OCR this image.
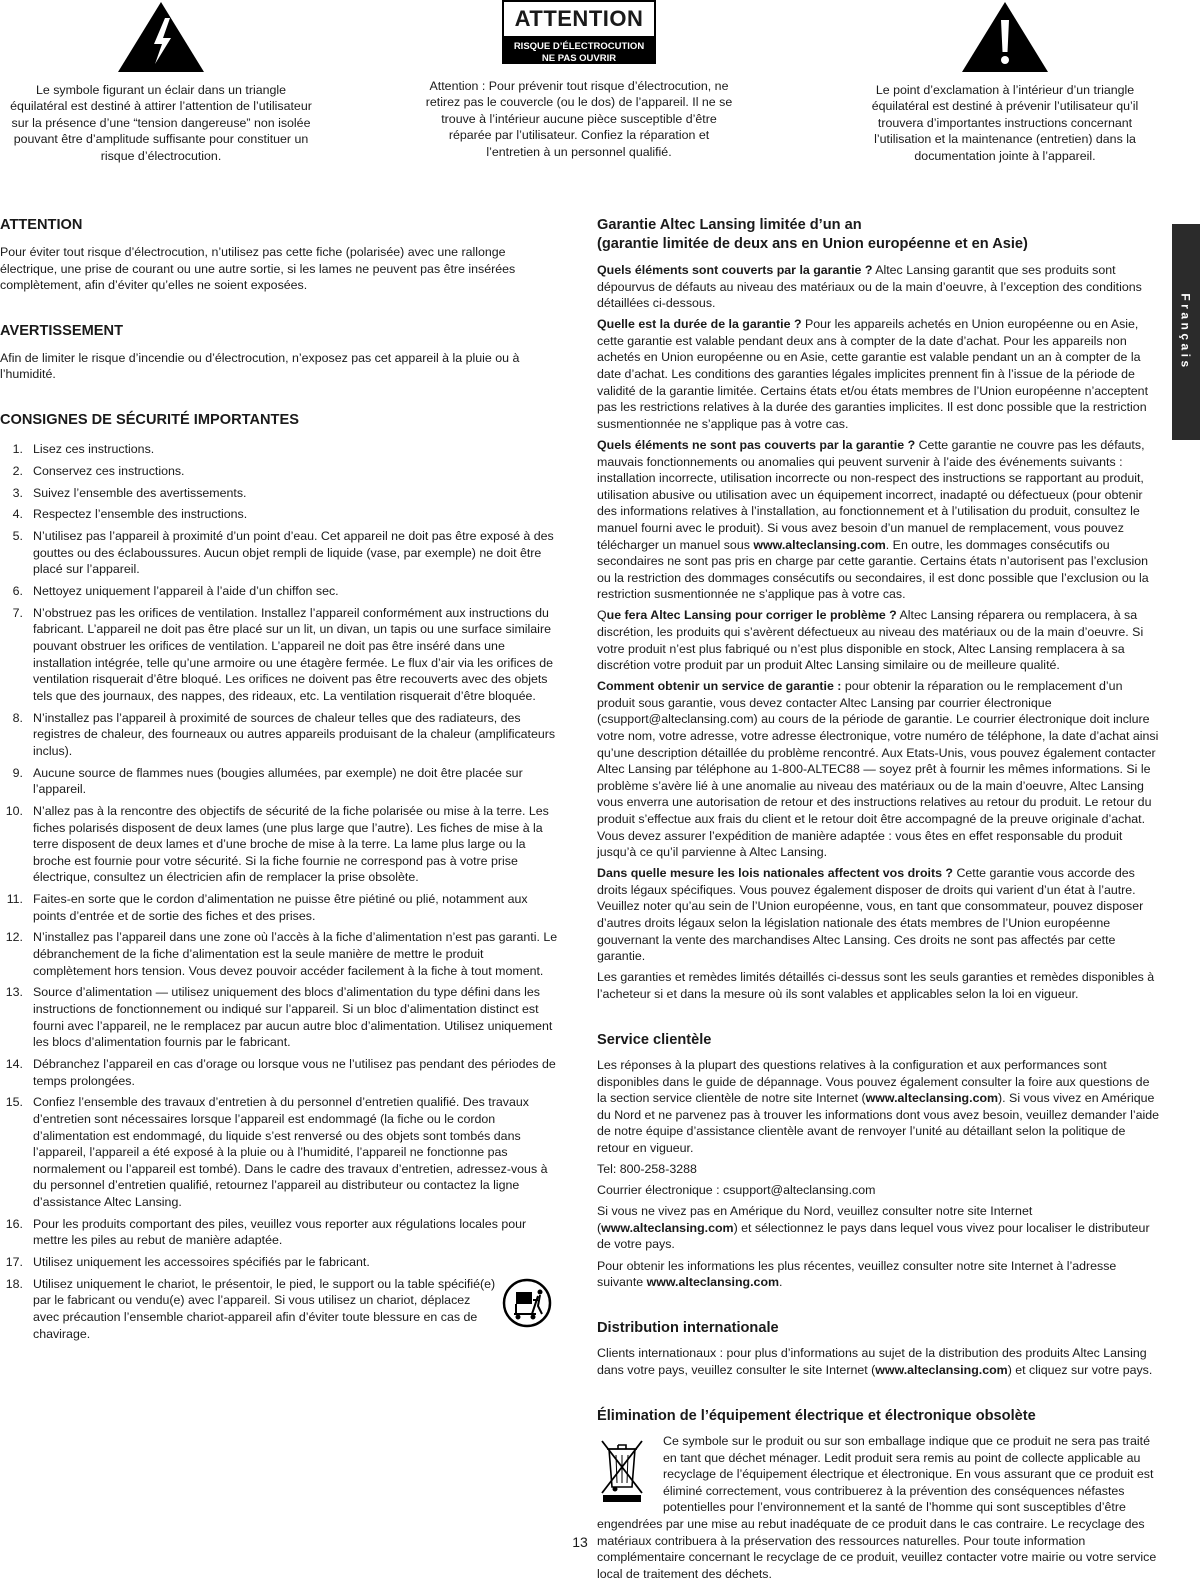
Le symbole figurant un éclair dans un triangle équilatéral est destiné à attirer l’attention de l’utilisateur sur la présence d’une “tension dangereuse” non isolée pouvant être d’amplitude suffisante pour constituer un risque d’électrocution.

ATTENTION
RISQUE D’ÉLECTROCUTION
NE PAS OUVRIR

Attention : Pour prévenir tout risque d’électrocution, ne retirez pas le couvercle (ou le dos) de l’appareil. Il ne se trouve à l’intérieur aucune pièce susceptible d’être réparée par l’utilisateur. Confiez la réparation et l’entretien à un personnel qualifié.

Le point d’exclamation à l’intérieur d’un triangle équilatéral est destiné à prévenir l’utilisateur qu’il trouvera d’importantes instructions concernant l’utilisation et la maintenance (entretien) dans la documentation jointe à l’appareil.

ATTENTION

Pour éviter tout risque d’électrocution, n’utilisez pas cette fiche (polarisée) avec une rallonge électrique, une prise de courant ou une autre sortie, si les lames ne peuvent pas être insérées complètement, afin d’éviter qu’elles ne soient exposées.

AVERTISSEMENT

Afin de limiter le risque d’incendie ou d’électrocution, n’exposez pas cet appareil à la pluie ou à l’humidité.

CONSIGNES DE SÉCURITÉ IMPORTANTES
1. Lisez ces instructions.
2. Conservez ces instructions.
3. Suivez l’ensemble des avertissements.
4. Respectez l’ensemble des instructions.
5. N’utilisez pas l’appareil à proximité d’un point d’eau. Cet appareil ne doit pas être exposé à des gouttes ou des éclaboussures. Aucun objet rempli de liquide (vase, par exemple) ne doit être placé sur l’appareil.
6. Nettoyez uniquement l’appareil à l’aide d’un chiffon sec.
7. N’obstruez pas les orifices de ventilation. Installez l’appareil conformément aux instructions du fabricant. L’appareil ne doit pas être placé sur un lit, un divan, un tapis ou une surface similaire pouvant obstruer les orifices de ventilation. L’appareil ne doit pas être inséré dans une installation intégrée, telle qu’une armoire ou une étagère fermée. Le flux d’air via les orifices de ventilation risquerait d’être bloqué. Les orifices ne doivent pas être recouverts avec des objets tels que des journaux, des nappes, des rideaux, etc. La ventilation risquerait d’être bloquée.
8. N’installez pas l’appareil à proximité de sources de chaleur telles que des radiateurs, des registres de chaleur, des fourneaux ou autres appareils produisant de la chaleur (amplificateurs inclus).
9. Aucune source de flammes nues (bougies allumées, par exemple) ne doit être placée sur l’appareil.
10. N’allez pas à la rencontre des objectifs de sécurité de la fiche polarisée ou mise à la terre. Les fiches polarisés disposent de deux lames (une plus large que l’autre). Les fiches de mise à la terre disposent de deux lames et d’une broche de mise à la terre. La lame plus large ou la broche est fournie pour votre sécurité. Si la fiche fournie ne correspond pas à votre prise électrique, consultez un électricien afin de remplacer la prise obsolète.
11. Faites-en sorte que le cordon d’alimentation ne puisse être piétiné ou plié, notamment aux points d’entrée et de sortie des fiches et des prises.
12. N’installez pas l’appareil dans une zone où l’accès à la fiche d’alimentation n’est pas garanti. Le débranchement de la fiche d’alimentation est la seule manière de mettre le produit complètement hors tension. Vous devez pouvoir accéder facilement à la fiche à tout moment.
13. Source d’alimentation — utilisez uniquement des blocs d’alimentation du type défini dans les instructions de fonctionnement ou indiqué sur l’appareil. Si un bloc d’alimentation distinct est fourni avec l’appareil, ne le remplacez par aucun autre bloc d’alimentation. Utilisez uniquement les blocs d’alimentation fournis par le fabricant.
14. Débranchez l’appareil en cas d’orage ou lorsque vous ne l’utilisez pas pendant des périodes de temps prolongées.
15. Confiez l’ensemble des travaux d’entretien à du personnel d’entretien qualifié. Des travaux d’entretien sont nécessaires lorsque l’appareil est endommagé (la fiche ou le cordon d’alimentation est endommagé, du liquide s’est renversé ou des objets sont tombés dans l’appareil, l’appareil a été exposé à la pluie ou à l’humidité, l’appareil ne fonctionne pas normalement ou l’appareil est tombé). Dans le cadre des travaux d’entretien, adressez-vous à du personnel d’entretien qualifié, retournez l’appareil au distributeur ou contactez la ligne d’assistance Altec Lansing.
16. Pour les produits comportant des piles, veuillez vous reporter aux régulations locales pour mettre les piles au rebut de manière adaptée.
17. Utilisez uniquement les accessoires spécifiés par le fabricant.
18. Utilisez uniquement le chariot, le présentoir, le pied, le support ou la table spécifié(e) par le fabricant ou vendu(e) avec l’appareil. Si vous utilisez un chariot, déplacez avec précaution l’ensemble chariot-appareil afin d’éviter toute blessure en cas de chavirage.
Garantie Altec Lansing limitée d’un an
(garantie limitée de deux ans en Union européenne et en Asie)

Quels éléments sont couverts par la garantie ? Altec Lansing garantit que ses produits sont dépourvus de défauts au niveau des matériaux ou de la main d’oeuvre, à l’exception des conditions détaillées ci-dessous.

Quelle est la durée de la garantie ? Pour les appareils achetés en Union européenne ou en Asie, cette garantie est valable pendant deux ans à compter de la date d’achat. Pour les appareils non achetés en Union européenne ou en Asie, cette garantie est valable pendant un an à compter de la date d’achat. Les conditions des garanties légales implicites prennent fin à l’issue de la période de validité de la garantie limitée. Certains états et/ou états membres de l’Union européenne n’acceptent pas les restrictions relatives à la durée des garanties implicites. Il est donc possible que la restriction susmentionnée ne s’applique pas à votre cas.

Quels éléments ne sont pas couverts par la garantie ? Cette garantie ne couvre pas les défauts, mauvais fonctionnements ou anomalies qui peuvent survenir à l’aide des événements suivants : installation incorrecte, utilisation incorrecte ou non-respect des instructions se rapportant au produit, utilisation abusive ou utilisation avec un équipement incorrect, inadapté ou défectueux (pour obtenir des informations relatives à l’installation, au fonctionnement et à l’utilisation du produit, consultez le manuel fourni avec le produit). Si vous avez besoin d’un manuel de remplacement, vous pouvez télécharger un manuel sous www.alteclansing.com. En outre, les dommages consécutifs ou secondaires ne sont pas pris en charge par cette garantie. Certains états n’autorisent pas l’exclusion ou la restriction des dommages consécutifs ou secondaires, il est donc possible que l’exclusion ou la restriction susmentionnée ne s’applique pas à votre cas.

Que fera Altec Lansing pour corriger le problème ? Altec Lansing réparera ou remplacera, à sa discrétion, les produits qui s’avèrent défectueux au niveau des matériaux ou de la main d’oeuvre. Si votre produit n’est plus fabriqué ou n’est plus disponible en stock, Altec Lansing remplacera à sa discrétion votre produit par un produit Altec Lansing similaire ou de meilleure qualité.

Comment obtenir un service de garantie : pour obtenir la réparation ou le remplacement d’un produit sous garantie, vous devez contacter Altec Lansing par courrier électronique (csupport@alteclansing.com) au cours de la période de garantie. Le courrier électronique doit inclure votre nom, votre adresse, votre adresse électronique, votre numéro de téléphone, la date d’achat ainsi qu’une description détaillée du problème rencontré. Aux Etats-Unis, vous pouvez également contacter Altec Lansing par téléphone au 1-800-ALTEC88 — soyez prêt à fournir les mêmes informations. Si le problème s’avère lié à une anomalie au niveau des matériaux ou de la main d’oeuvre, Altec Lansing vous enverra une autorisation de retour et des instructions relatives au retour du produit. Le retour du produit s’effectue aux frais du client et le retour doit être accompagné de la preuve originale d’achat. Vous devez assurer l’expédition de manière adaptée : vous êtes en effet responsable du produit jusqu’à ce qu’il parvienne à Altec Lansing.

Dans quelle mesure les lois nationales affectent vos droits ? Cette garantie vous accorde des droits légaux spécifiques. Vous pouvez également disposer de droits qui varient d’un état à l’autre. Veuillez noter qu’au sein de l’Union européenne, vous, en tant que consommateur, pouvez disposer d’autres droits légaux selon la législation nationale des états membres de l’Union européenne gouvernant la vente des marchandises Altec Lansing. Ces droits ne sont pas affectés par cette garantie.

Les garanties et remèdes limités détaillés ci-dessus sont les seuls garanties et remèdes disponibles à l’acheteur si et dans la mesure où ils sont valables et applicables selon la loi en vigueur.

Service clientèle

Les réponses à la plupart des questions relatives à la configuration et aux performances sont disponibles dans le guide de dépannage. Vous pouvez également consulter la foire aux questions de la section service clientèle de notre site Internet (www.alteclansing.com). Si vous vivez en Amérique du Nord et ne parvenez pas à trouver les informations dont vous avez besoin, veuillez demander l’aide de notre équipe d’assistance clientèle avant de renvoyer l’unité au détaillant selon la politique de retour en vigueur.

Tel: 800-258-3288

Courrier électronique : csupport@alteclansing.com

Si vous ne vivez pas en Amérique du Nord, veuillez consulter notre site Internet (www.alteclansing.com) et sélectionnez le pays dans lequel vous vivez pour localiser le distributeur de votre pays.

Pour obtenir les informations les plus récentes, veuillez consulter notre site Internet à l’adresse suivante www.alteclansing.com.

Distribution internationale

Clients internationaux : pour plus d’informations au sujet de la distribution des produits Altec Lansing dans votre pays, veuillez consulter le site Internet (www.alteclansing.com) et cliquez sur votre pays.

Élimination de l’équipement électrique et électronique obsolète

Ce symbole sur le produit ou sur son emballage indique que ce produit ne sera pas traité en tant que déchet ménager. Ledit produit sera remis au point de collecte applicable au recyclage de l’équipement électrique et électronique. En vous assurant que ce produit est éliminé correctement, vous contribuerez à la prévention des conséquences néfastes potentielles pour l’environnement et la santé de l’homme qui sont susceptibles d’être engendrées par une mise au rebut inadéquate de ce produit dans le cas contraire. Le recyclage des matériaux contribuera à la préservation des ressources naturelles. Pour toute information complémentaire concernant le recyclage de ce produit, veuillez contacter votre mairie ou votre service local de traitement des déchets.

Français
13
